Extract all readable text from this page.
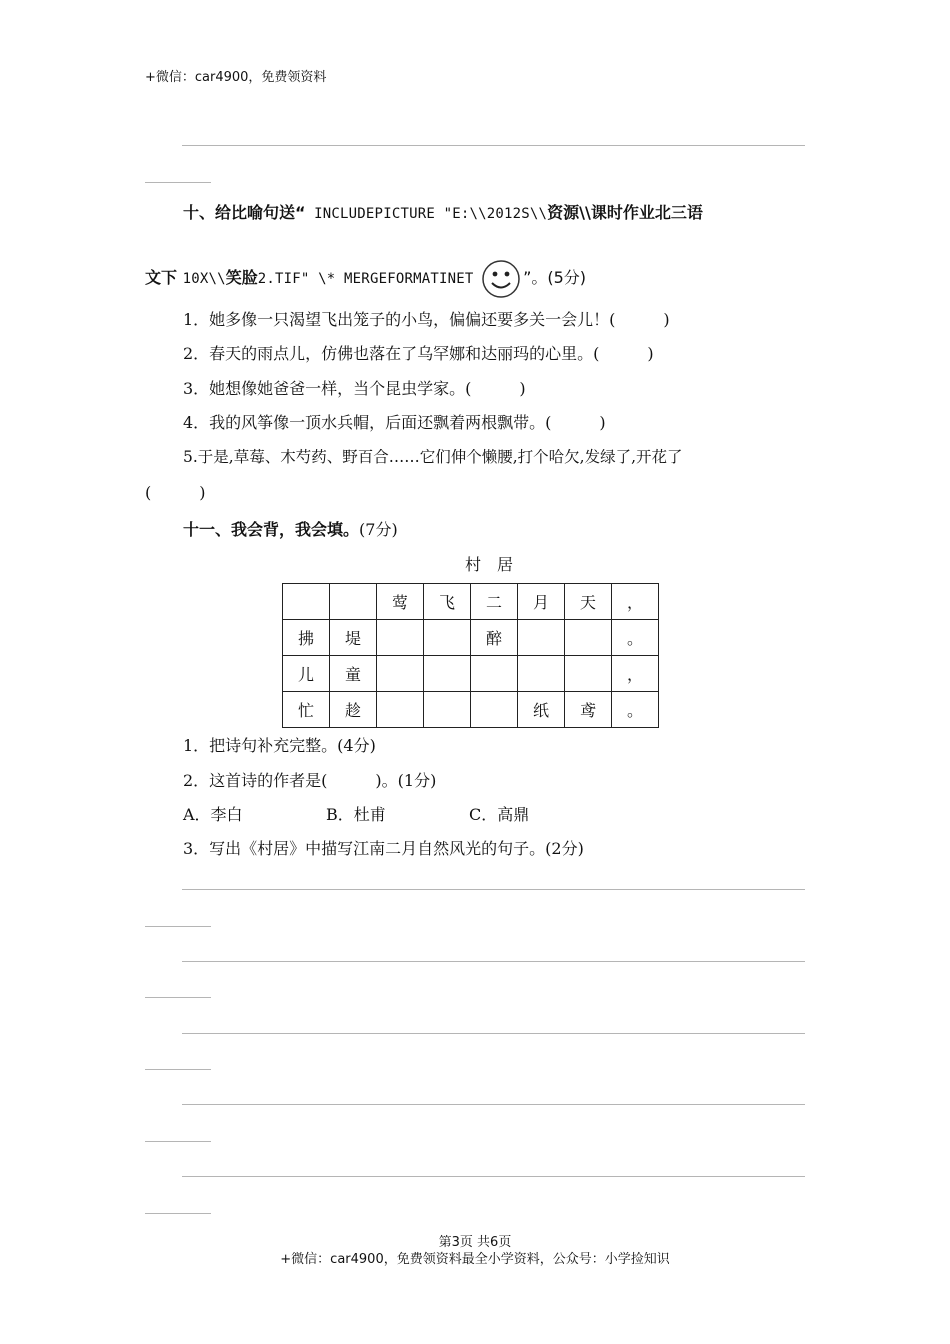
+微信：car4900，免费领资料
十、给比喻句送“ INCLUDEPICTURE "E:\\2012S\\资源\\课时作业北三语
文下 10X\\笑脸2.TIF" \* MERGEFORMATINET	”。(5分)
1．她多像一只渴望飞出笼子的小鸟，偏偏还要多关一会儿！(　　　)
2．春天的雨点儿，仿佛也落在了乌罕娜和达丽玛的心里。(　　　)
3．她想像她爸爸一样，当个昆虫学家。(　　　)
4．我的风筝像一顶水兵帽，后面还飘着两根飘带。(　　　)
5.于是,草莓、木芍药、野百合……它们伸个懒腰,打个哈欠,发绿了,开花了
(　　　)
十一、我会背，我会填。(7分)
村　居
		莺	飞	二	月	天	，
拂	堤			醉			。
儿	童						，
忙	趁				纸	鸢	。
1．把诗句补充完整。(4分)
2．这首诗的作者是(　　　)。(1分)
A．李白	B．杜甫	C．高鼎
3．写出《村居》中描写江南二月自然风光的句子。(2分)
第3页 共6页
+微信：car4900，免费领资料最全小学资料，公众号：小学捡知识
